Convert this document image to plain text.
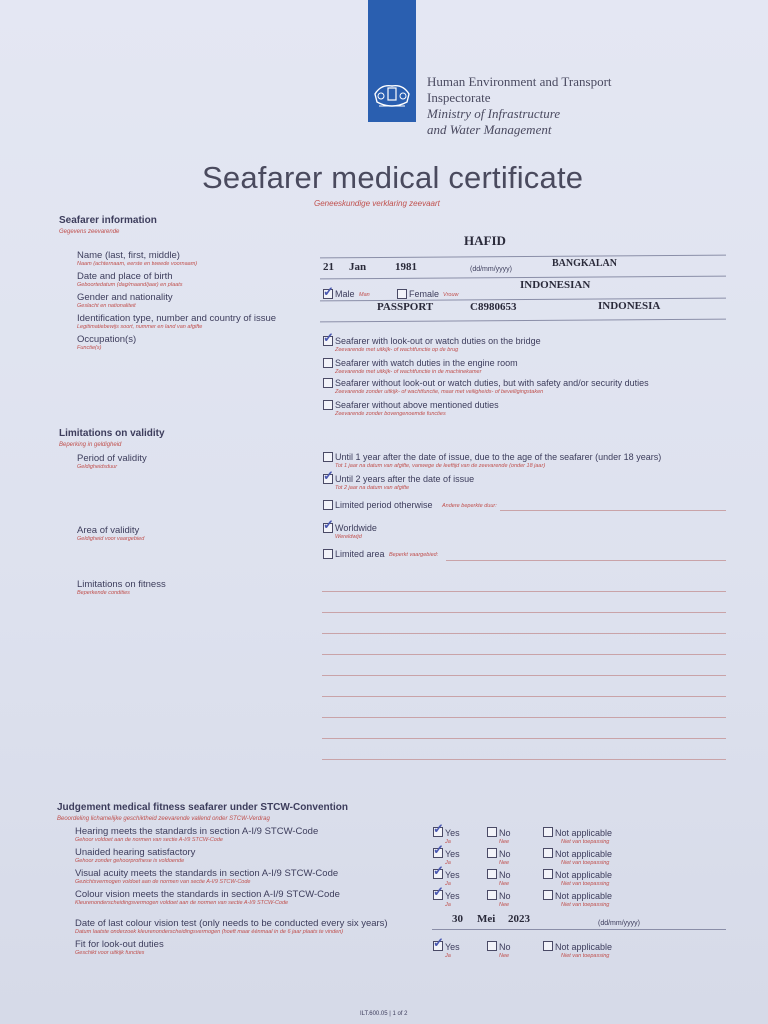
Human Environment and Transport
Inspectorate
Ministry of Infrastructure
and Water Management
Seafarer medical certificate
Geneeskundige verklaring zeevaart
Seafarer information
Gegevens zeevarende
Name (last, first, middle)
Naam (achternaam, eerste en tweede voornaam)
HAFID
Date and place of birth
Geboortedatum (dag/maand/jaar) en plaats
21 Jan	1981	(dd/mm/yyyy)
BANGKALAN
Gender and nationality
Geslacht en nationaliteit
✓ Male Man	Female Vrouw
INDONESIAN
Identification type, number and country of issue
Legitimatiebewijs soort, nummer en land van afgifte
PASSPORT	C8980653	INDONESIA
Occupation(s)
Functie(s)
✓ Seafarer with look-out or watch duties on the bridge
Zeevarende met uitkijk- of wachtfunctie op de brug
Seafarer with watch duties in the engine room
Zeevarende met uitkijk- of wachtfunctie in de machinekamer
Seafarer without look-out or watch duties, but with safety and/or security duties
Zeevarende zonder uitkijk- of wachtfunctie, maar met veiligheids- of beveiligingstaken
Seafarer without above mentioned duties
Zeevarende zonder bovengenoemde functies
Limitations on validity
Beperking in geldigheid
Period of validity
Geldigheidsduur
Until 1 year after the date of issue, due to the age of the seafarer (under 18 years)
Tot 1 jaar na datum van afgifte, vanwege de leeftijd van de zeevarende (onder 18 jaar)
✓ Until 2 years after the date of issue
Tot 2 jaar na datum van afgifte
Limited period otherwise Andere beperkte duur:
Area of validity
Geldigheid voor vaargebied
✓ Worldwide
Wereldwijd
Limited area Beperkt vaargebied:
Limitations on fitness
Beperkende condities
Judgement medical fitness seafarer under STCW-Convention
Beoordeling lichamelijke geschiktheid zeevarende vallend onder STCW-Verdrag
Hearing meets the standards in section A-I/9 STCW-Code
Gehoor voldoet aan de normen van sectie A-I/9 STCW-Code
✓ Yes
Ja
No
Nee
Not applicable
Niet van toepassing
Unaided hearing satisfactory
Gehoor zonder gehoorprothese is voldoende
✓ Yes
Ja
No
Nee
Not applicable
Niet van toepassing
Visual acuity meets the standards in section A-I/9 STCW-Code
Gezichtsvermogen voldoet aan de normen van sectie A-I/9 STCW-Code
✓ Yes
Ja
No
Nee
Not applicable
Niet van toepassing
Colour vision meets the standards in section A-I/9 STCW-Code
Kleurenonderscheidingsvermogen voldoet aan de normen van sectie A-I/9 STCW-Code
✓ Yes
Ja
No
Nee
Not applicable
Niet van toepassing
Date of last colour vision test (only needs to be conducted every six years)
Datum laatste onderzoek kleurenonderscheidingsvermogen (hoeft maar éénmaal in de 6 jaar plaats te vinden)
30 Mei 2023	(dd/mm/yyyy)
Fit for look-out duties
Geschikt voor uitkijk functies
✓ Yes
Ja
No
Nee
Not applicable
Niet van toepassing
ILT.600.05 | 1 of 2
